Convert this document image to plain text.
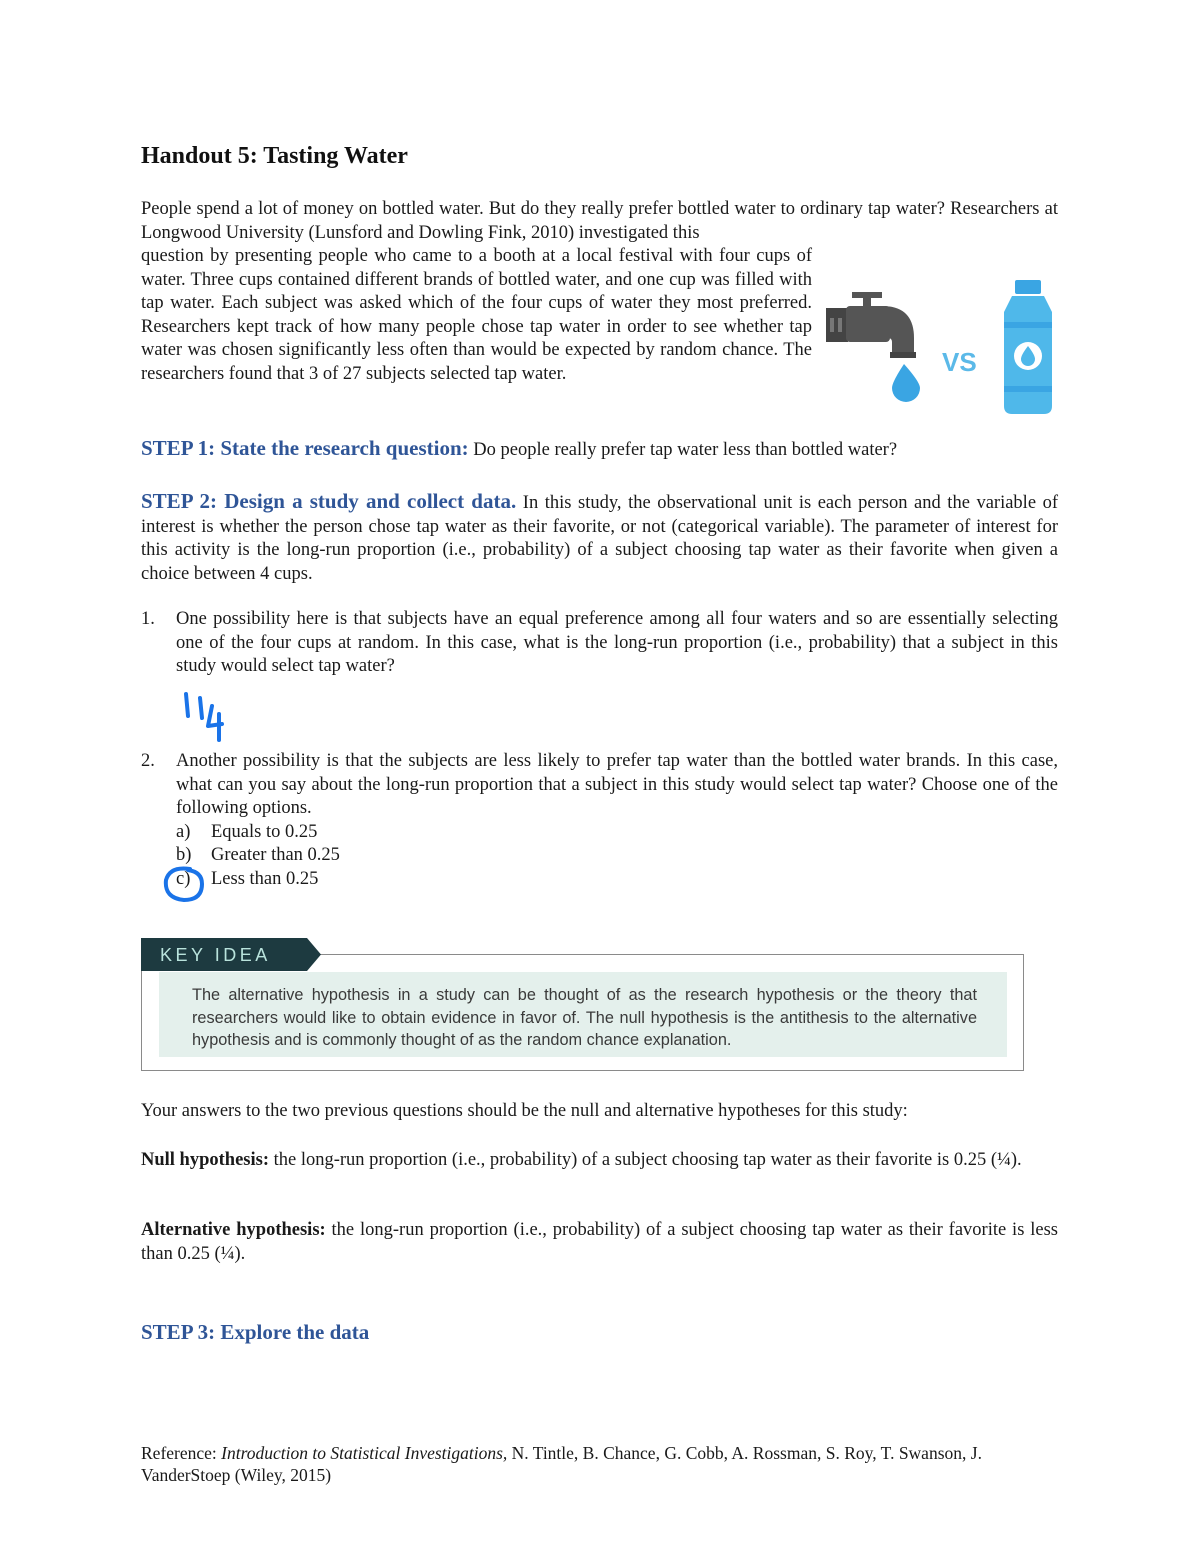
Handout 5: Tasting Water
People spend a lot of money on bottled water. But do they really prefer bottled water to ordinary tap water? Researchers at Longwood University (Lunsford and Dowling Fink, 2010) investigated this
question by presenting people who came to a booth at a local festival with four cups of water. Three cups contained different brands of bottled water, and one cup was filled with tap water. Each subject was asked which of the four cups of water they most preferred. Researchers kept track of how many people chose tap water in order to see whether tap water was chosen significantly less often than would be expected by random chance. The researchers found that 3 of 27 subjects selected tap water.	VS
STEP 1: State the research question: Do people really prefer tap water less than bottled water?
STEP 2: Design a study and collect data. In this study, the observational unit is each person and the variable of interest is whether the person chose tap water as their favorite, or not (categorical variable). The parameter of interest for this activity is the long-run proportion (i.e., probability) of a subject choosing tap water as their favorite when given a choice between 4 cups.
1. One possibility here is that subjects have an equal preference among all four waters and so are essentially selecting one of the four cups at random. In this case, what is the long-run proportion (i.e., probability) that a subject in this study would select tap water?
2. Another possibility is that the subjects are less likely to prefer tap water than the bottled water brands. In this case, what can you say about the long-run proportion that a subject in this study would select tap water? Choose one of the following options.
a) Equals to 0.25
b) Greater than 0.25
c) Less than 0.25
KEY IDEA
The alternative hypothesis in a study can be thought of as the research hypothesis or the theory that researchers would like to obtain evidence in favor of. The null hypothesis is the antithesis to the alternative hypothesis and is commonly thought of as the random chance explanation.
Your answers to the two previous questions should be the null and alternative hypotheses for this study:
Null hypothesis: the long-run proportion (i.e., probability) of a subject choosing tap water as their favorite is 0.25 (¼).
Alternative hypothesis: the long-run proportion (i.e., probability) of a subject choosing tap water as their favorite is less than 0.25 (¼).
STEP 3: Explore the data
Reference: Introduction to Statistical Investigations, N. Tintle, B. Chance, G. Cobb, A. Rossman, S. Roy, T. Swanson, J. VanderStoep (Wiley, 2015)
